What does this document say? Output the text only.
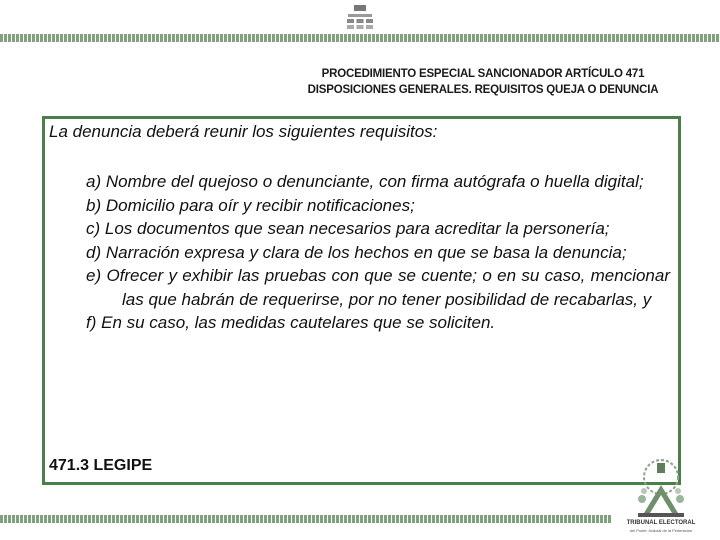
PROCEDIMIENTO ESPECIAL SANCIONADOR ARTÍCULO 471
DISPOSICIONES GENERALES. REQUISITOS QUEJA O DENUNCIA
La denuncia deberá reunir los siguientes requisitos:
a) Nombre del quejoso o denunciante, con firma autógrafa o huella digital;
b) Domicilio para oír y recibir notificaciones;
c) Los documentos que sean necesarios para acreditar la personería;
d) Narración expresa y clara de los hechos en que se basa la denuncia;
e) Ofrecer y exhibir las pruebas con que se cuente; o en su caso, mencionar las que habrán de requerirse, por no tener posibilidad de recabarlas, y
f) En su caso, las medidas cautelares que se soliciten.
471.3 LEGIPE
TRIBUNAL ELECTORAL
del Poder Judicial de la Federación
